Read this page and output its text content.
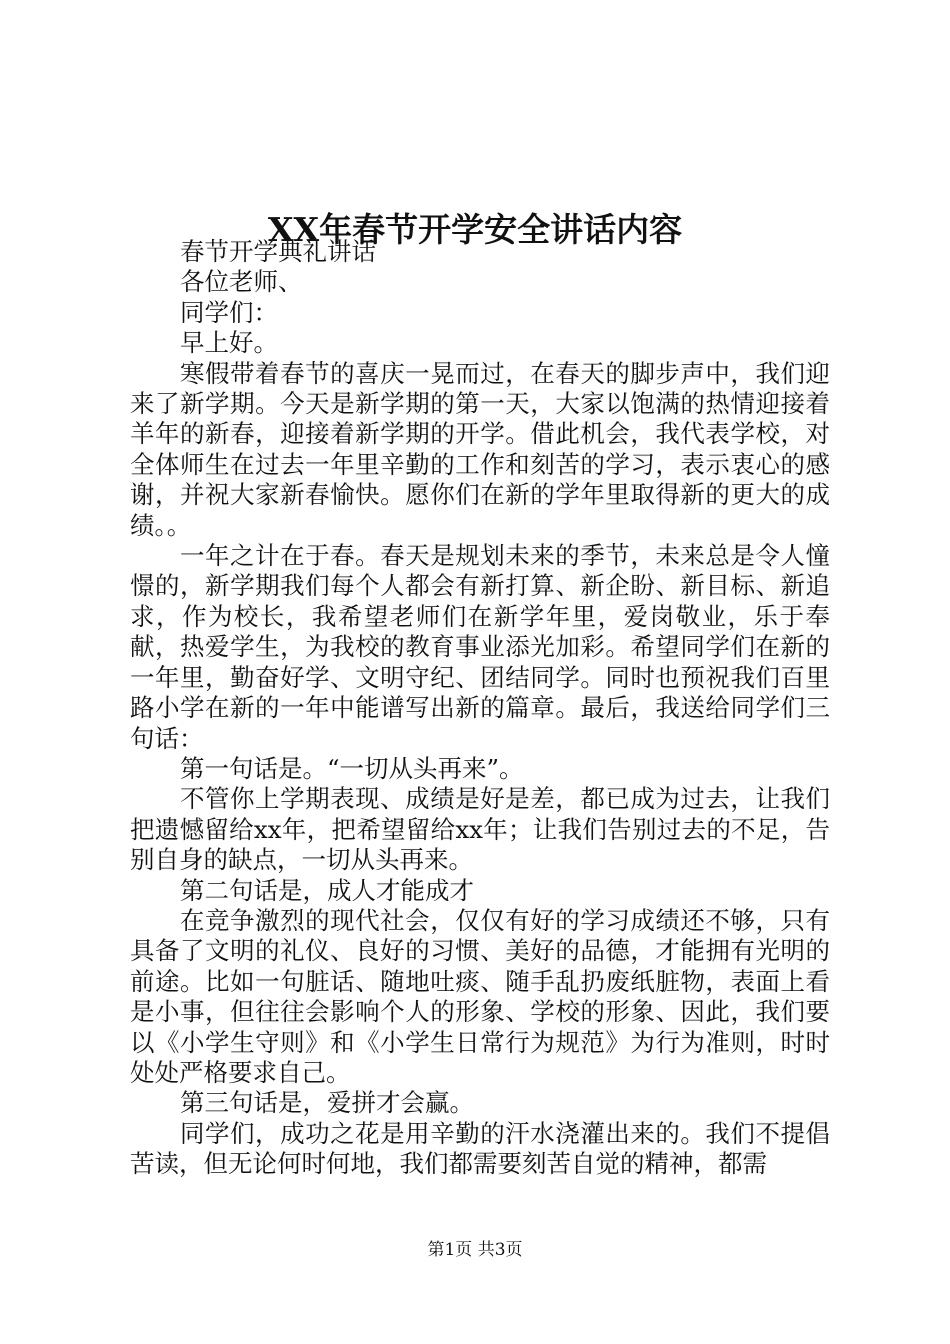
XX年春节开学安全讲话内容

春节开学典礼讲话

各位老师、

同学们：

早上好。

寒假带着春节的喜庆一晃而过，在春天的脚步声中，我们迎来了新学期。今天是新学期的第一天，大家以饱满的热情迎接着羊年的新春，迎接着新学期的开学。借此机会，我代表学校，对全体师生在过去一年里辛勤的工作和刻苦的学习，表示衷心的感谢，并祝大家新春愉快。愿你们在新的学年里取得新的更大的成绩。。

一年之计在于春。春天是规划未来的季节，未来总是令人憧憬的，新学期我们每个人都会有新打算、新企盼、新目标、新追求，作为校长，我希望老师们在新学年里，爱岗敬业，乐于奉献，热爱学生，为我校的教育事业添光加彩。希望同学们在新的一年里，勤奋好学、文明守纪、团结同学。同时也预祝我们百里路小学在新的一年中能谱写出新的篇章。最后，我送给同学们三句话：

第一句话是。“一切从头再来”。

不管你上学期表现、成绩是好是差，都已成为过去，让我们把遗憾留给xx年，把希望留给xx年；让我们告别过去的不足，告别自身的缺点，一切从头再来。

第二句话是，成人才能成才

在竞争激烈的现代社会，仅仅有好的学习成绩还不够，只有具备了文明的礼仪、良好的习惯、美好的品德，才能拥有光明的前途。比如一句脏话、随地吐痰、随手乱扔废纸脏物，表面上看是小事，但往往会影响个人的形象、学校的形象、因此，我们要以《小学生守则》和《小学生日常行为规范》为行为准则，时时处处严格要求自己。

第三句话是，爱拼才会赢。

同学们，成功之花是用辛勤的汗水浇灌出来的。我们不提倡苦读，但无论何时何地，我们都需要刻苦自觉的精神，都需

第1页 共3页
